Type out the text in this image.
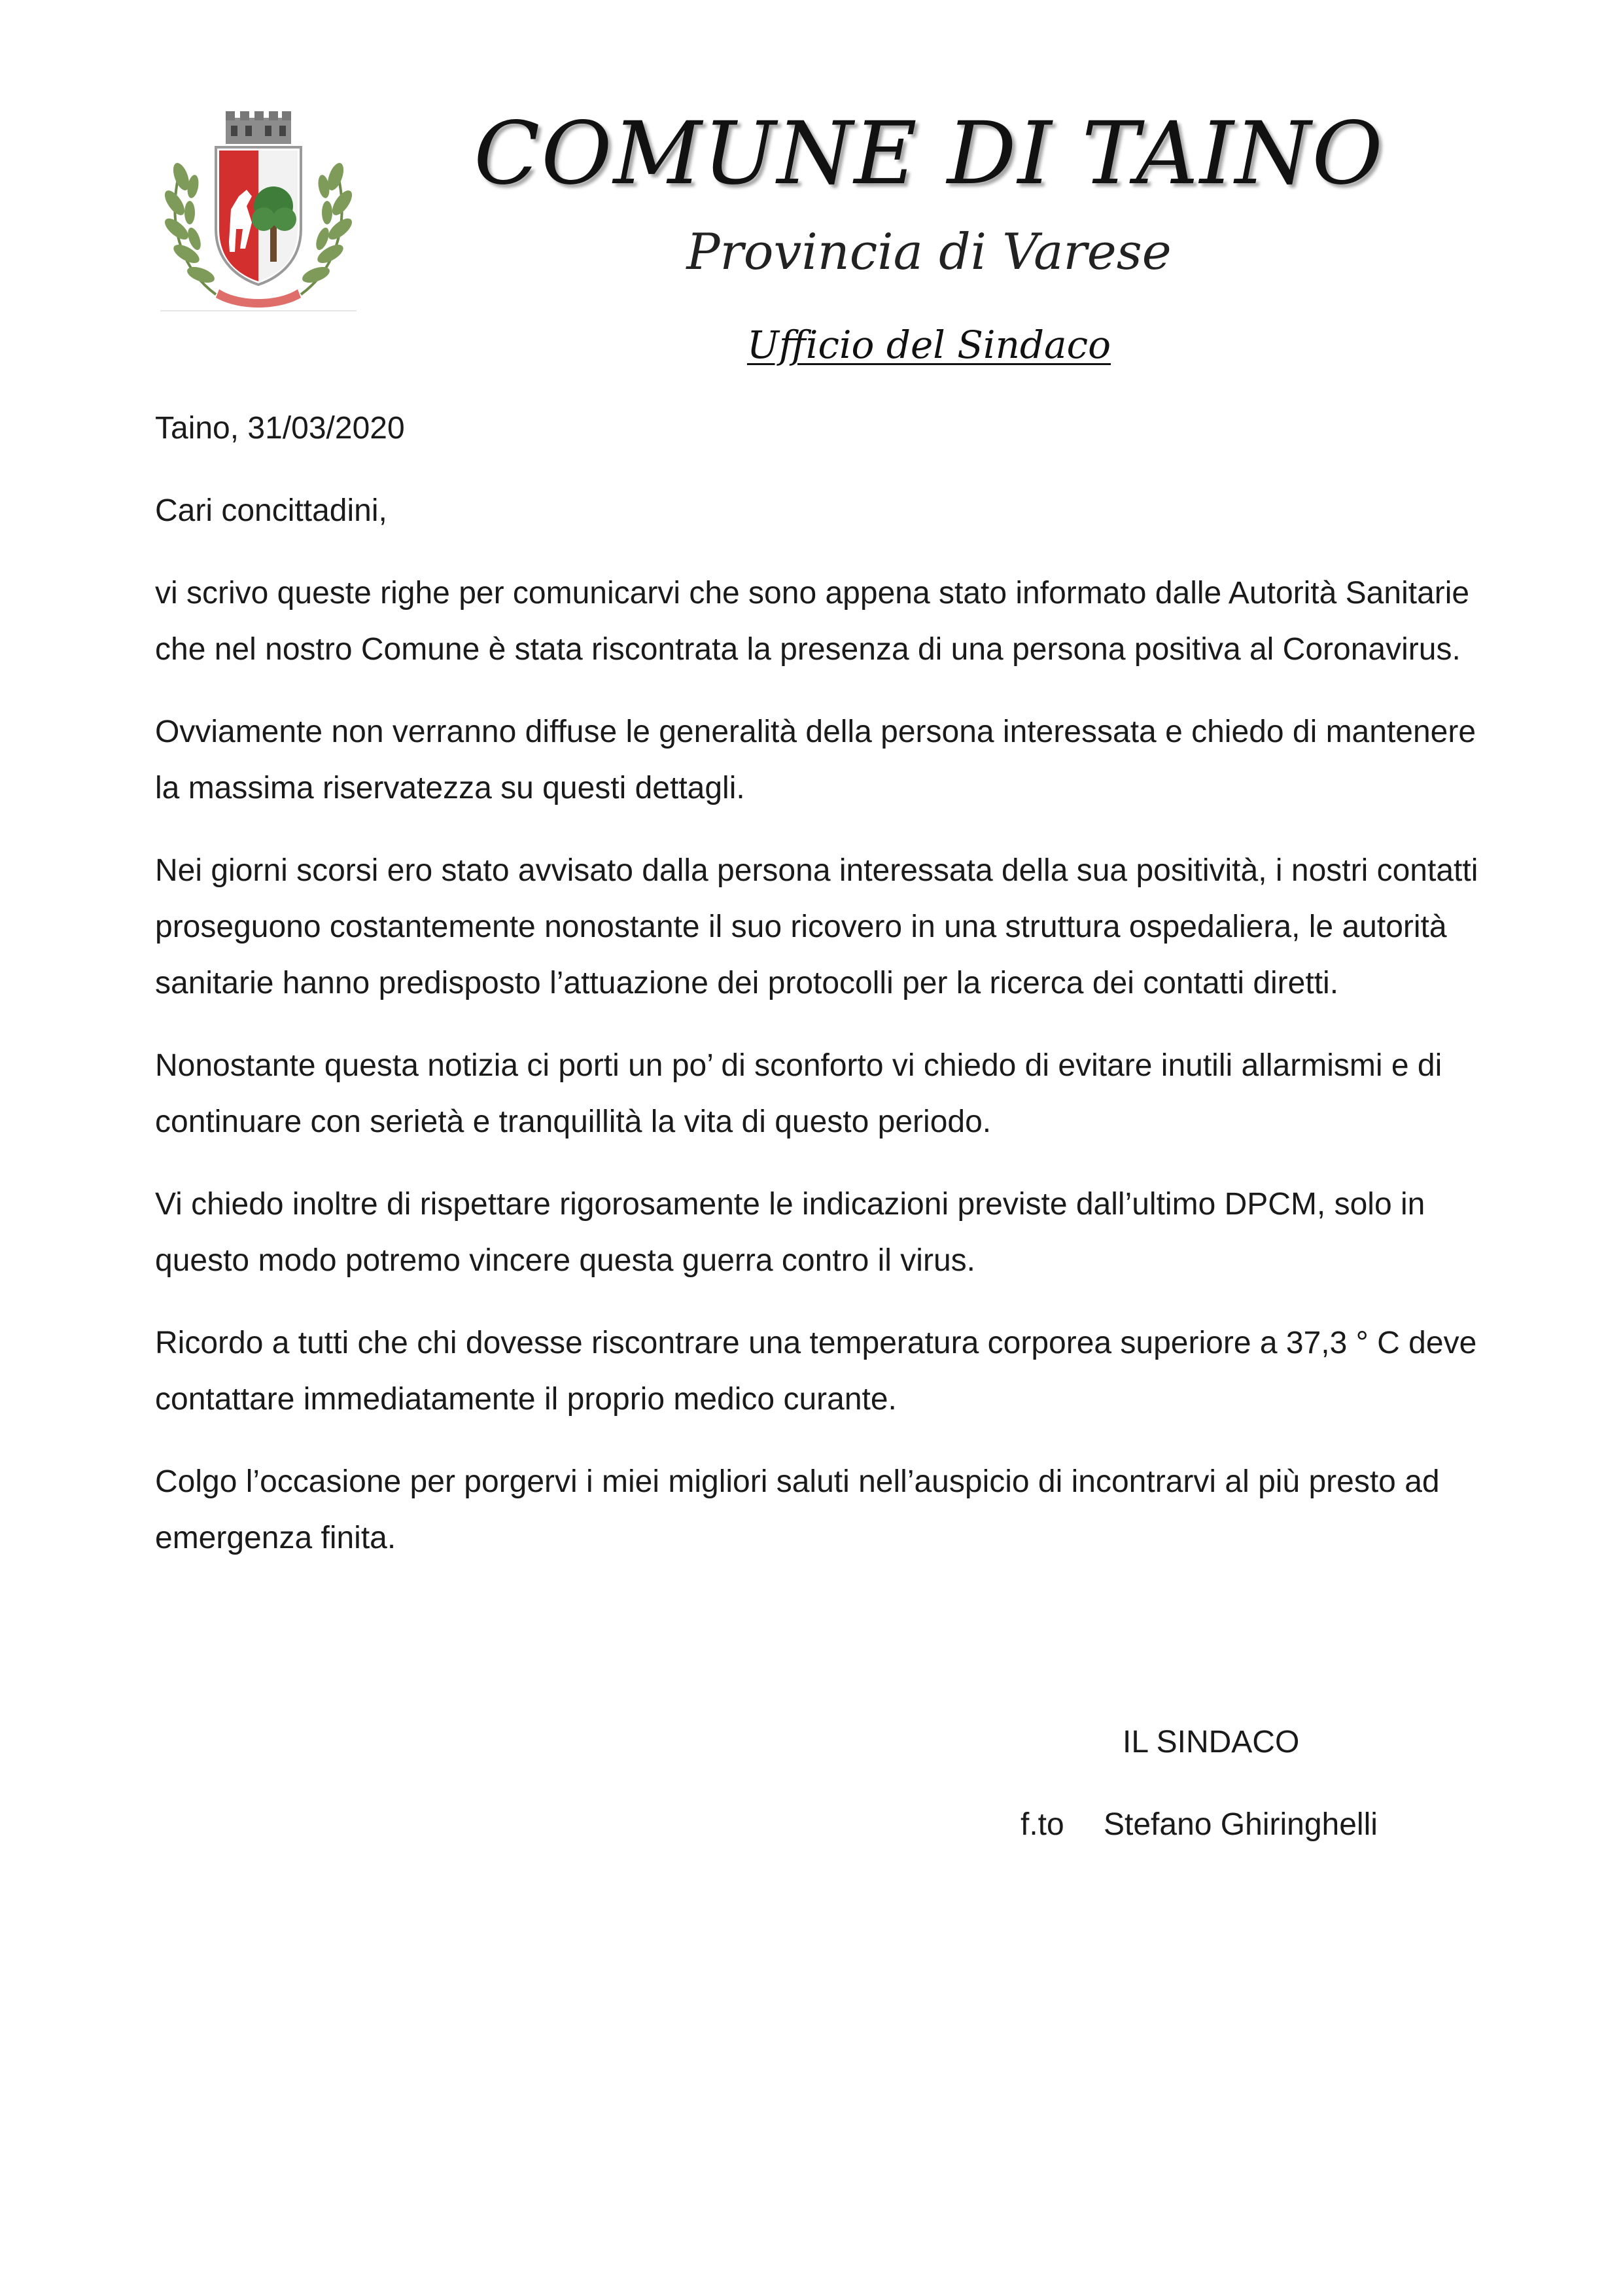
COMUNE DI TAINO
Provincia di Varese
Ufficio del Sindaco

Taino, 31/03/2020

Cari concittadini,

vi scrivo queste righe per comunicarvi che sono appena stato informato dalle Autorità Sanitarie che nel nostro Comune è stata riscontrata la presenza di una persona positiva al Coronavirus.

Ovviamente non verranno diffuse le generalità della persona interessata e chiedo di mantenere la massima riservatezza su questi dettagli.

Nei giorni scorsi ero stato avvisato dalla persona interessata della sua positività, i nostri contatti proseguono costantemente nonostante il suo ricovero in una struttura ospedaliera, le autorità sanitarie hanno predisposto l’attuazione dei protocolli per la ricerca dei contatti diretti.

Nonostante questa notizia ci porti un po’ di sconforto vi chiedo di evitare inutili allarmismi e di continuare con serietà e tranquillità la vita di questo periodo.

Vi chiedo inoltre di rispettare rigorosamente le indicazioni previste dall’ultimo DPCM, solo in questo modo potremo vincere questa guerra contro il virus.

Ricordo a tutti che chi dovesse riscontrare una temperatura corporea superiore a 37,3 ° C deve contattare immediatamente il proprio medico curante.

Colgo l’occasione per porgervi i miei migliori saluti nell’auspicio di incontrarvi al più presto ad emergenza finita.

IL SINDACO
f.to Stefano Ghiringhelli
